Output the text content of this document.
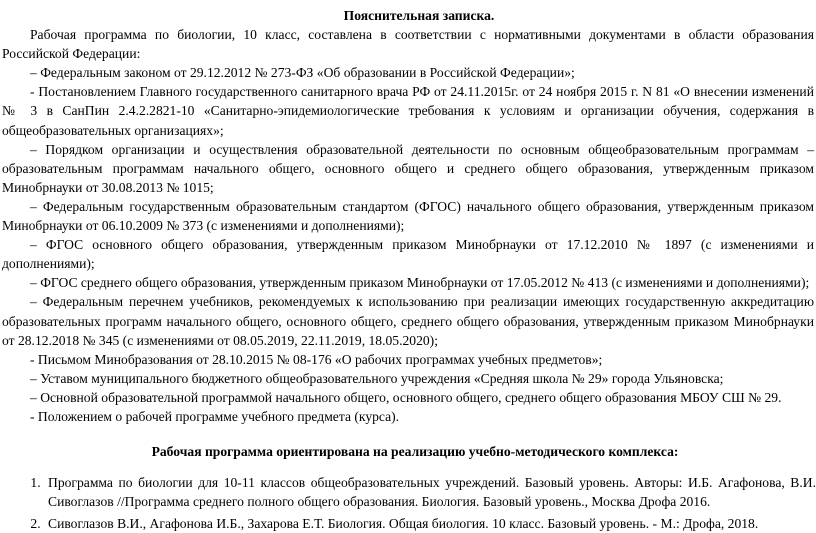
Пояснительная записка.

Рабочая программа по биологии, 10 класс, составлена в соответствии с нормативными документами в области образования Российской Федерации:

– Федеральным законом от 29.12.2012 № 273-ФЗ «Об образовании в Российской Федерации»;

- Постановлением Главного государственного санитарного врача РФ от 24.11.2015г. от 24 ноября 2015 г. N 81 «О внесении изменений № 3 в СанПин 2.4.2.2821-10 «Санитарно-эпидемиологические требования к условиям и организации обучения, содержания в общеобразовательных организациях»;

– Порядком организации и осуществления образовательной деятельности по основным общеобразовательным программам – образовательным программам начального общего, основного общего и среднего общего образования, утвержденным приказом Минобрнауки от 30.08.2013 № 1015;

– Федеральным государственным образовательным стандартом (ФГОС) начального общего образования, утвержденным приказом Минобрнауки от 06.10.2009 № 373 (с изменениями и дополнениями);

– ФГОС основного общего образования, утвержденным приказом Минобрнауки от 17.12.2010 № 1897 (с изменениями и дополнениями);

– ФГОС среднего общего образования, утвержденным приказом Минобрнауки от 17.05.2012 № 413 (с изменениями и дополнениями);

– Федеральным перечнем учебников, рекомендуемых к использованию при реализации имеющих государственную аккредитацию образовательных программ начального общего, основного общего, среднего общего образования, утвержденным приказом Минобрнауки от 28.12.2018 № 345 (с изменениями от 08.05.2019, 22.11.2019, 18.05.2020);

- Письмом Минобразования от 28.10.2015 № 08-176 «О рабочих программах учебных предметов»;

– Уставом муниципального бюджетного общеобразовательного учреждения «Средняя школа № 29» города Ульяновска;

– Основной образовательной программой начального общего, основного общего, среднего общего образования МБОУ СШ № 29.

- Положением о рабочей программе учебного предмета (курса).

Рабочая программа ориентирована на реализацию учебно-методического комплекса:
1. Программа по биологии для 10-11 классов общеобразовательных учреждений. Базовый уровень. Авторы: И.Б. Агафонова, В.И. Сивоглазов //Программа среднего полного общего образования. Биология. Базовый уровень., Москва Дрофа 2016.
2. Сивоглазов В.И., Агафонова И.Б., Захарова Е.Т. Биология. Общая биология. 10 класс. Базовый уровень. - М.: Дрофа, 2018.
